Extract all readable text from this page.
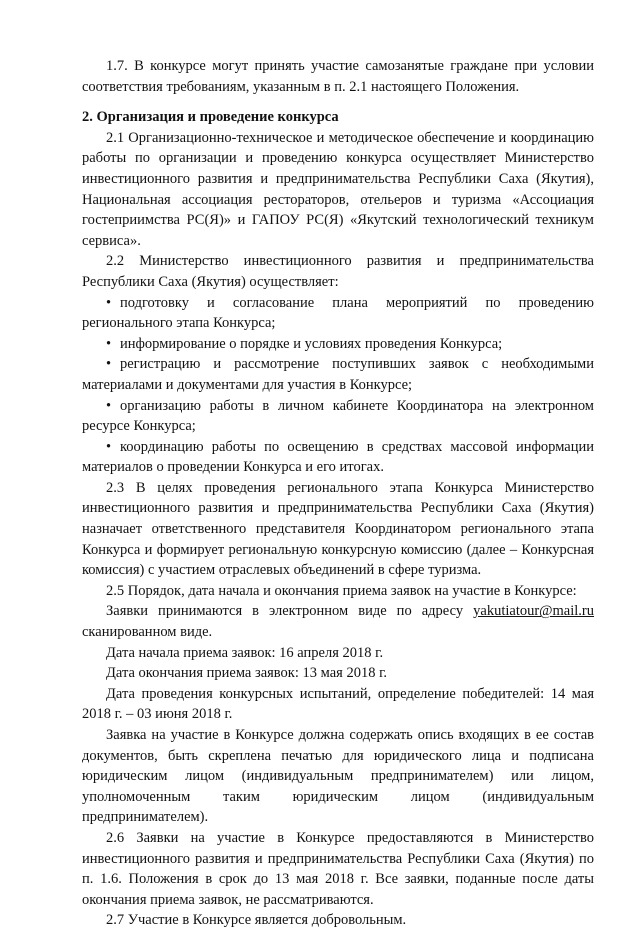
1.7. В конкурсе могут принять участие самозанятые граждане при условии соответствия требованиям, указанным в п. 2.1 настоящего Положения.

2. Организация и проведение конкурса

2.1 Организационно-техническое и методическое обеспечение и координацию работы по организации и проведению конкурса осуществляет Министерство инвестиционного развития и предпринимательства Республики Саха (Якутия), Национальная ассоциация рестораторов, отельеров и туризма «Ассоциация гостеприимства РС(Я)» и ГАПОУ РС(Я) «Якутский технологический техникум сервиса».

2.2 Министерство инвестиционного развития и предпринимательства Республики Саха (Якутия) осуществляет:

• подготовку и согласование плана мероприятий по проведению регионального этапа Конкурса;

• информирование о порядке и условиях проведения Конкурса;

• регистрацию и рассмотрение поступивших заявок с необходимыми материалами и документами для участия в Конкурсе;

• организацию работы в личном кабинете Координатора на электронном ресурсе Конкурса;

• координацию работы по освещению в средствах массовой информации материалов о проведении Конкурса и его итогах.

2.3 В целях проведения регионального этапа Конкурса Министерство инвестиционного развития и предпринимательства Республики Саха (Якутия) назначает ответственного представителя Координатором регионального этапа Конкурса и формирует региональную конкурсную комиссию (далее – Конкурсная комиссия) с участием отраслевых объединений в сфере туризма.

2.5 Порядок, дата начала и окончания приема заявок на участие в Конкурсе:

Заявки принимаются в электронном виде по адресу yakutiatour@mail.ru сканированном виде.

Дата начала приема заявок: 16 апреля 2018 г.

Дата окончания приема заявок: 13 мая 2018 г.

Дата проведения конкурсных испытаний, определение победителей: 14 мая 2018 г. – 03 июня 2018 г.

Заявка на участие в Конкурсе должна содержать опись входящих в ее состав документов, быть скреплена печатью для юридического лица и подписана юридическим лицом (индивидуальным предпринимателем) или лицом, уполномоченным таким юридическим лицом (индивидуальным предпринимателем).

2.6 Заявки на участие в Конкурсе предоставляются в Министерство инвестиционного развития и предпринимательства Республики Саха (Якутия) по п. 1.6. Положения в срок до 13 мая 2018 г. Все заявки, поданные после даты окончания приема заявок, не рассматриваются.

2.7 Участие в Конкурсе является добровольным.
